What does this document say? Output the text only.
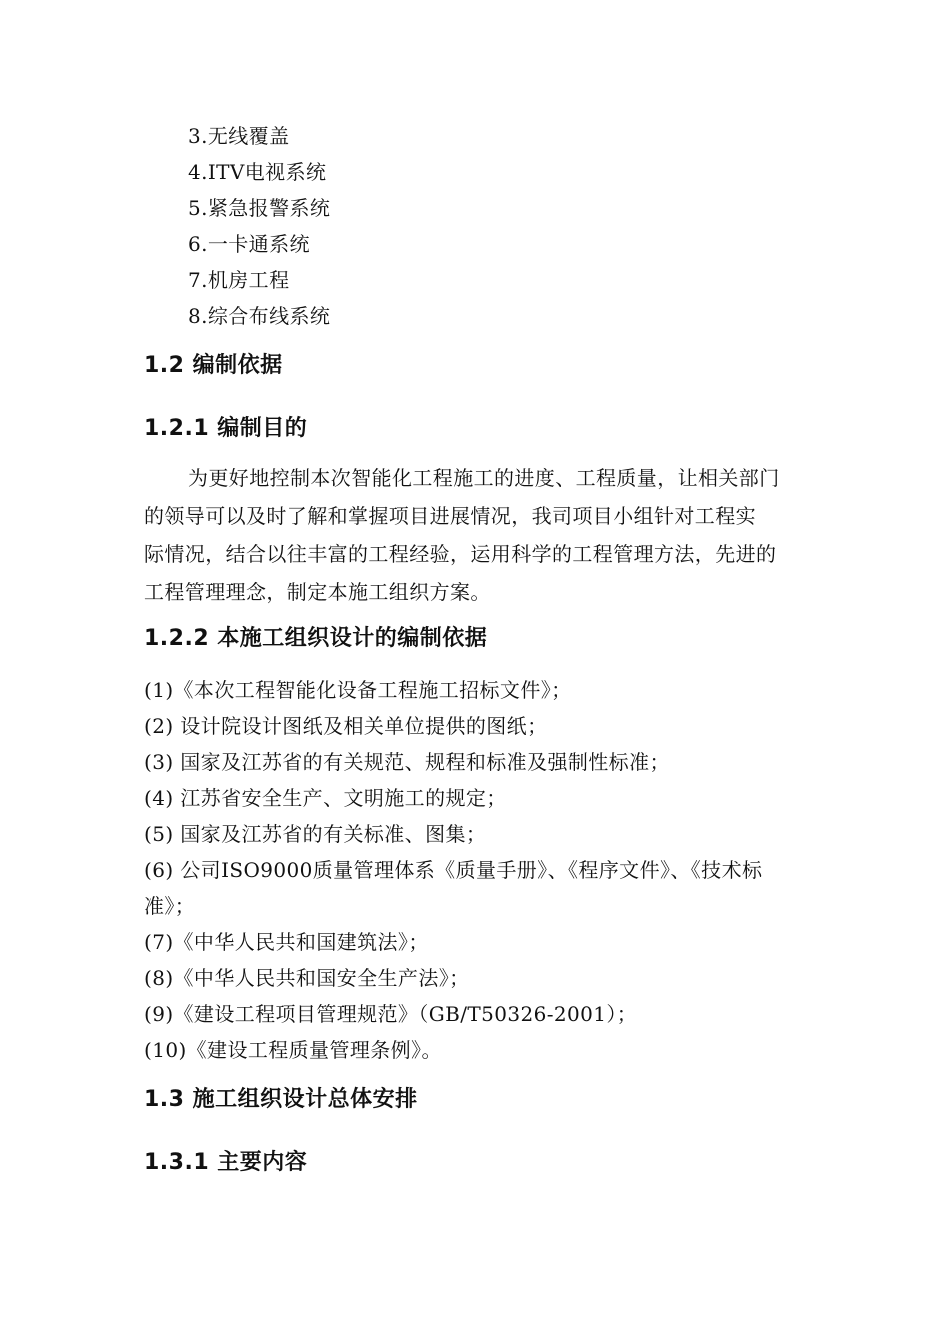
3.无线覆盖
4.ITV电视系统
5.紧急报警系统
6.一卡通系统
7.机房工程
8.综合布线系统
1.2 编制依据
1.2.1 编制目的
为更好地控制本次智能化工程施工的进度、工程质量，让相关部门
的领导可以及时了解和掌握项目进展情况，我司项目小组针对工程实
际情况，结合以往丰富的工程经验，运用科学的工程管理方法，先进的
工程管理理念，制定本施工组织方案。
1.2.2 本施工组织设计的编制依据
(1)《本次工程智能化设备工程施工招标文件》；
(2) 设计院设计图纸及相关单位提供的图纸；
(3) 国家及江苏省的有关规范、规程和标准及强制性标准；
(4) 江苏省安全生产、文明施工的规定；
(5) 国家及江苏省的有关标准、图集；
(6) 公司ISO9000质量管理体系《质量手册》、《程序文件》、《技术标
准》；
(7)《中华人民共和国建筑法》；
(8)《中华人民共和国安全生产法》；
(9)《建设工程项目管理规范》（GB/T50326-2001）；
(10)《建设工程质量管理条例》。
1.3 施工组织设计总体安排
1.3.1 主要内容
